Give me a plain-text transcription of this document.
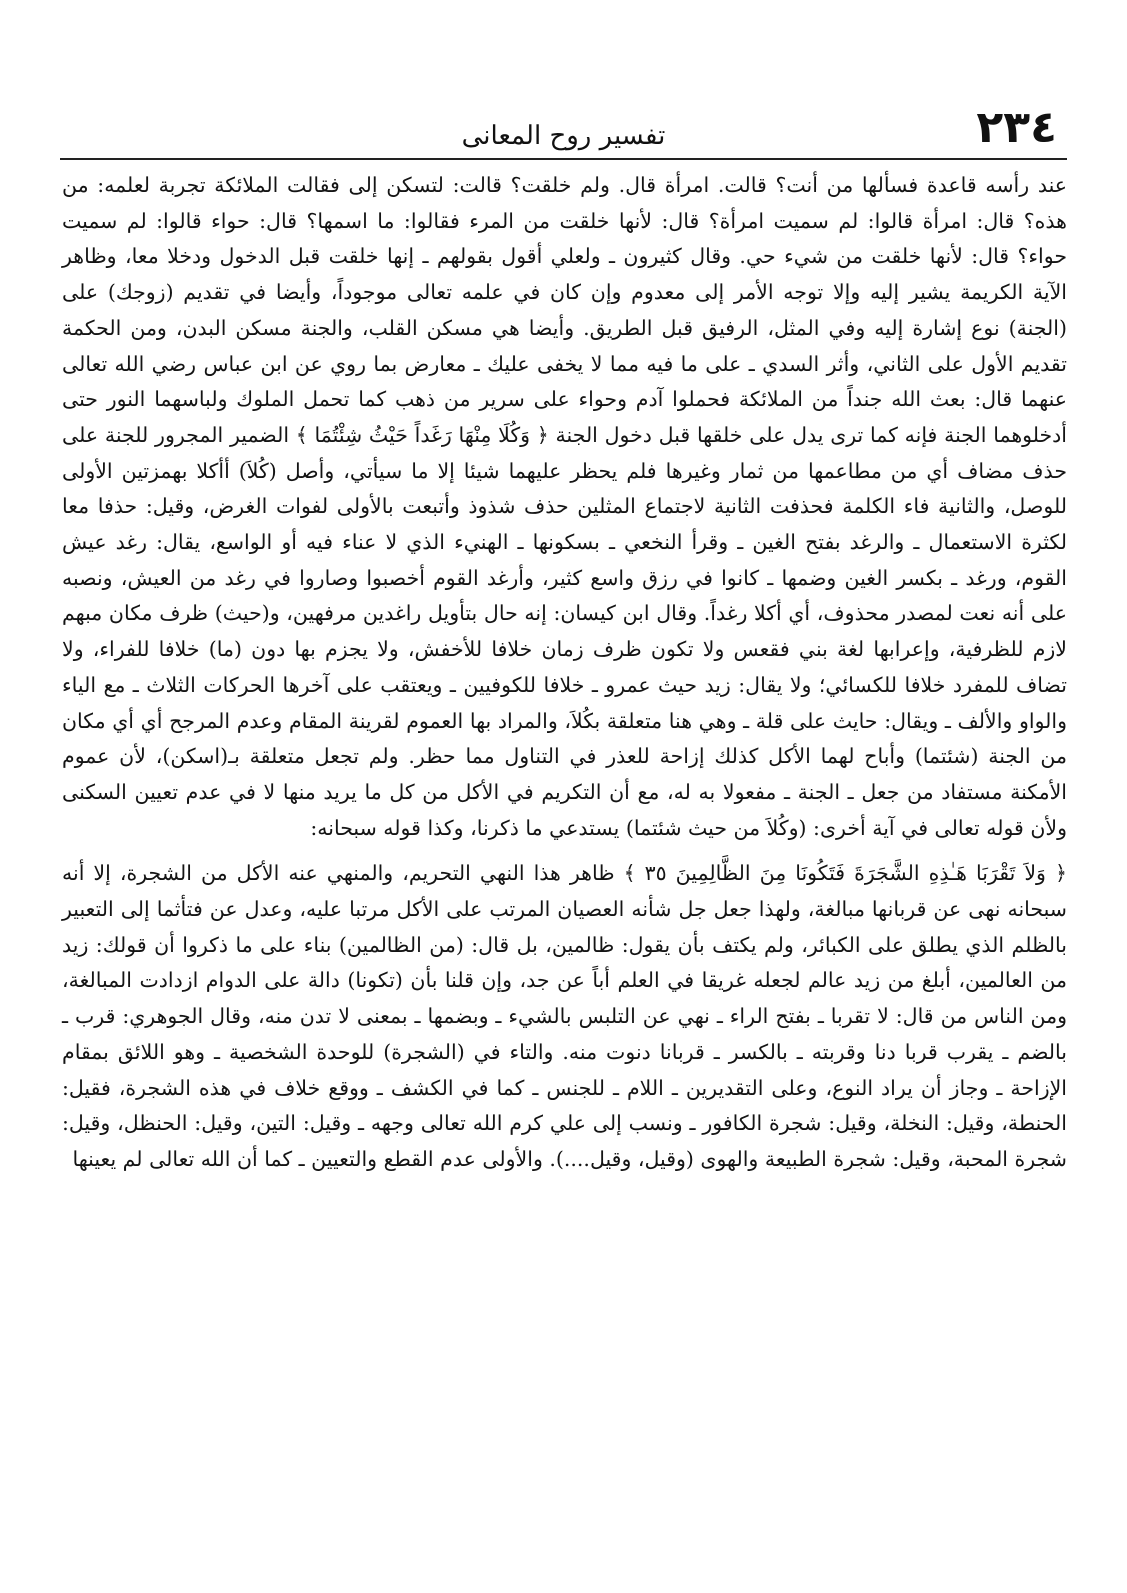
٢٣٤
تفسير روح المعانى

عند رأسه قاعدة فسألها من أنت؟ قالت. امرأة قال. ولم خلقت؟ قالت: لتسكن إلى فقالت الملائكة تجربة لعلمه: من هذه؟ قال: امرأة قالوا: لم سميت امرأة؟ قال: لأنها خلقت من المرء فقالوا: ما اسمها؟ قال: حواء قالوا: لم سميت حواء؟ قال: لأنها خلقت من شيء حي. وقال كثيرون ـ ولعلي أقول بقولهم ـ إنها خلقت قبل الدخول ودخلا معا، وظاهر الآية الكريمة يشير إليه وإلا توجه الأمر إلى معدوم وإن كان في علمه تعالى موجوداً، وأيضا في تقديم (زوجك) على (الجنة) نوع إشارة إليه وفي المثل، الرفيق قبل الطريق. وأيضا هي مسكن القلب، والجنة مسكن البدن، ومن الحكمة تقديم الأول على الثاني، وأثر السدي ـ على ما فيه مما لا يخفى عليك ـ معارض بما روي عن ابن عباس رضي الله تعالى عنهما قال: بعث الله جنداً من الملائكة فحملوا آدم وحواء على سرير من ذهب كما تحمل الملوك ولباسهما النور حتى أدخلوهما الجنة فإنه كما ترى يدل على خلقها قبل دخول الجنة ﴿ وَكُلَا مِنْهَا رَغَداً حَيْثُ شِئْتُمَا ﴾ الضمير المجرور للجنة على حذف مضاف أي من مطاعمها من ثمار وغيرها فلم يحظر عليهما شيئا إلا ما سيأتي، وأصل (كُلاَ) أأكلا بهمزتين الأولى للوصل، والثانية فاء الكلمة فحذفت الثانية لاجتماع المثلين حذف شذوذ وأتبعت بالأولى لفوات الغرض، وقيل: حذفا معا لكثرة الاستعمال ـ والرغد بفتح الغين ـ وقرأ النخعي ـ بسكونها ـ الهنيء الذي لا عناء فيه أو الواسع، يقال: رغد عيش القوم، ورغد ـ بكسر الغين وضمها ـ كانوا في رزق واسع كثير، وأرغد القوم أخصبوا وصاروا في رغد من العيش، ونصبه على أنه نعت لمصدر محذوف، أي أكلا رغداً. وقال ابن كيسان: إنه حال بتأويل راغدين مرفهين، و(حيث) ظرف مكان مبهم لازم للظرفية، وإعرابها لغة بني فقعس ولا تكون ظرف زمان خلافا للأخفش، ولا يجزم بها دون (ما) خلافا للفراء، ولا تضاف للمفرد خلافا للكسائي؛ ولا يقال: زيد حيث عمرو ـ خلافا للكوفيين ـ ويعتقب على آخرها الحركات الثلاث ـ مع الياء والواو والألف ـ ويقال: حايث على قلة ـ وهي هنا متعلقة بكُلاَ، والمراد بها العموم لقرينة المقام وعدم المرجح أي أي مكان من الجنة (شئتما) وأباح لهما الأكل كذلك إزاحة للعذر في التناول مما حظر. ولم تجعل متعلقة بـ(اسكن)، لأن عموم الأمكنة مستفاد من جعل ـ الجنة ـ مفعولا به له، مع أن التكريم في الأكل من كل ما يريد منها لا في عدم تعيين السكنى ولأن قوله تعالى في آية أخرى: (وكُلاَ من حيث شئتما) يستدعي ما ذكرنا، وكذا قوله سبحانه:

﴿ وَلاَ تَقْرَبَا هَـٰذِهِ الشَّجَرَةَ فَتَكُونَا مِنَ الظَّالِمِينَ ٣٥ ﴾ ظاهر هذا النهي التحريم، والمنهي عنه الأكل من الشجرة، إلا أنه سبحانه نهى عن قربانها مبالغة، ولهذا جعل جل شأنه العصيان المرتب على الأكل مرتبا عليه، وعدل عن فتأثما إلى التعبير بالظلم الذي يطلق على الكبائر، ولم يكتف بأن يقول: ظالمين، بل قال: (من الظالمين) بناء على ما ذكروا أن قولك: زيد من العالمين، أبلغ من زيد عالم لجعله غريقا في العلم أباً عن جد، وإن قلنا بأن (تكونا) دالة على الدوام ازدادت المبالغة، ومن الناس من قال: لا تقربا ـ بفتح الراء ـ نهي عن التلبس بالشيء ـ وبضمها ـ بمعنى لا تدن منه، وقال الجوهري: قرب ـ بالضم ـ يقرب قربا دنا وقربته ـ بالكسر ـ قربانا دنوت منه. والتاء في (الشجرة) للوحدة الشخصية ـ وهو اللائق بمقام الإزاحة ـ وجاز أن يراد النوع، وعلى التقديرين ـ اللام ـ للجنس ـ كما في الكشف ـ ووقع خلاف في هذه الشجرة، فقيل: الحنطة، وقيل: النخلة، وقيل: شجرة الكافور ـ ونسب إلى علي كرم الله تعالى وجهه ـ وقيل: التين، وقيل: الحنظل، وقيل: شجرة المحبة، وقيل: شجرة الطبيعة والهوى (وقيل، وقيل....). والأولى عدم القطع والتعيين ـ كما أن الله تعالى لم يعينها
